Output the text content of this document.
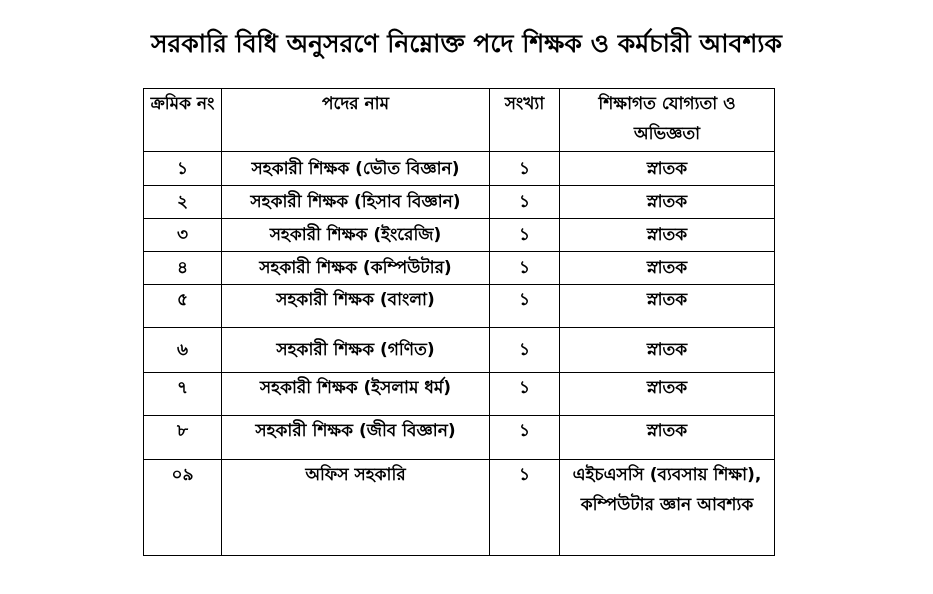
সরকারি বিধি অনুসরণে নিম্নোক্ত পদে শিক্ষক ও কর্মচারী আবশ্যক
ক্রমিক নং	পদের নাম	সংখ্যা	শিক্ষাগত যোগ্যতা ও অভিজ্ঞতা
১	সহকারী শিক্ষক (ভৌত বিজ্ঞান)	১	স্নাতক
২	সহকারী শিক্ষক (হিসাব বিজ্ঞান)	১	স্নাতক
৩	সহকারী শিক্ষক (ইংরেজি)	১	স্নাতক
৪	সহকারী শিক্ষক (কম্পিউটার)	১	স্নাতক
৫	সহকারী শিক্ষক (বাংলা)	১	স্নাতক
৬	সহকারী শিক্ষক (গণিত)	১	স্নাতক
৭	সহকারী শিক্ষক (ইসলাম ধর্ম)	১	স্নাতক
৮	সহকারী শিক্ষক (জীব বিজ্ঞান)	১	স্নাতক
০৯	অফিস সহকারি	১	এইচএসসি (ব্যবসায় শিক্ষা), কম্পিউটার জ্ঞান আবশ্যক
